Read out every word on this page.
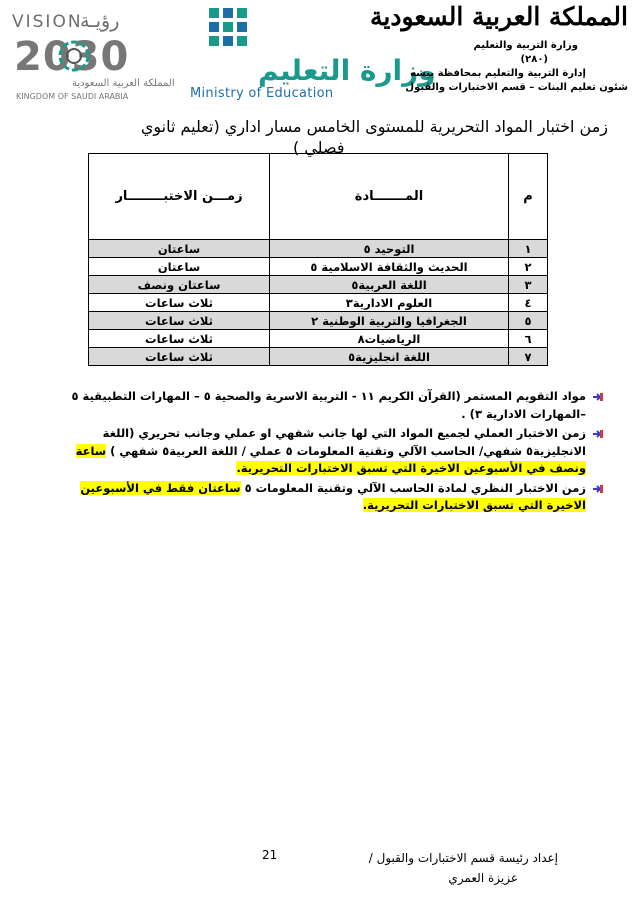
VISION
رؤيـة
2030
المملكة العربية السعودية
KINGDOM OF SAUDI ARABIA
وزارة التعليم
Ministry of Education
المملكة العربية السعودية
وزارة التربية والتعليم
(٢٨٠)
إدارة التربية والتعليم بمحافظة بيشه
شئون تعليم البنات – قسم الاختبارات والقبول
زمن اختبار المواد التحريرية للمستوى الخامس مسار اداري (تعليم ثانوي
فصلي )
م	المـــــــادة	زمـــن الاختبــــــــار
١	التوحيد ٥	ساعتان
٢	الحديث والثقافة الاسلامية ٥	ساعتان
٣	اللغة العربية٥	ساعتان ونصف
٤	العلوم الادارية٣	ثلاث ساعات
٥	الجغرافيا والتربية الوطنية ٢	ثلاث ساعات
٦	الرياضيات٨	ثلاث ساعات
٧	اللغة انجليزية٥	ثلاث ساعات
مواد التقويم المستمر (القرآن الكريم ١١ - التربية الاسرية والصحية ٥ – المهارات التطبيقية ٥
–المهارات الادارية ٣) .
زمن الاختبار العملي لجميع المواد التي لها جانب شفهي او عملي وجانب تحريري (اللغة
الانجليزية٥ شفهي/ الحاسب الآلي وتقنية المعلومات ٥ عملي / اللغة العربية٥ شفهي ) ساعة
ونصف في الأسبوعين الاخيرة التي تسبق الاختبارات التحريرية.
زمن الاختبار النظري لمادة الحاسب الآلي وتقنية المعلومات ٥ ساعتان فقط في الأسبوعين
الاخيرة التي تسبق الاختبارات التحريرية.
21	إعداد رئيسة قسم الاختبارات والقبول /
عزيزة العمري
